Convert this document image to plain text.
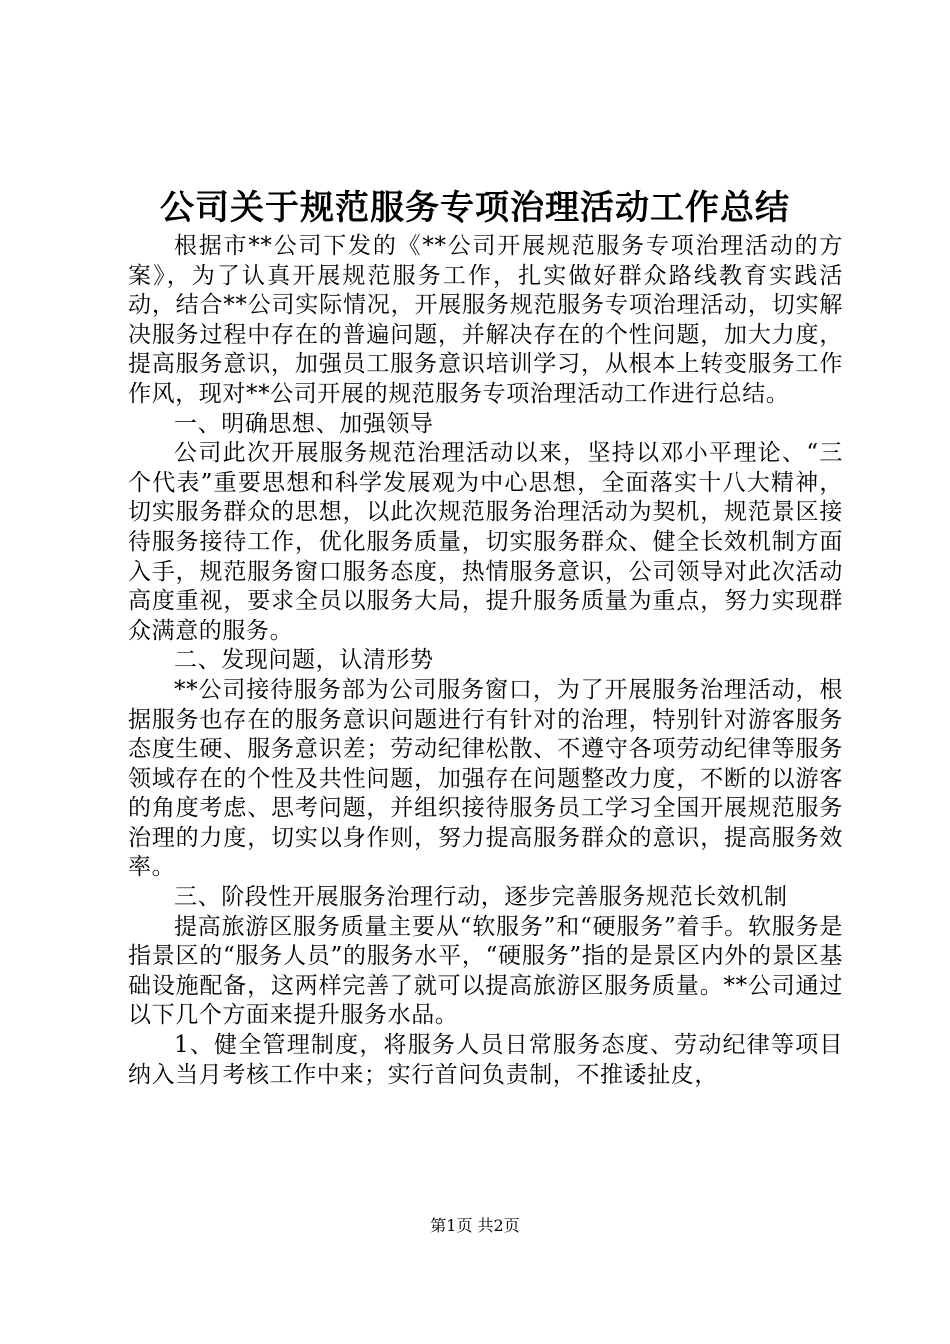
公司关于规范服务专项治理活动工作总结

根据市**公司下发的《**公司开展规范服务专项治理活动的方案》，为了认真开展规范服务工作，扎实做好群众路线教育实践活动，结合**公司实际情况，开展服务规范服务专项治理活动，切实解决服务过程中存在的普遍问题，并解决存在的个性问题，加大力度，提高服务意识，加强员工服务意识培训学习，从根本上转变服务工作作风，现对**公司开展的规范服务专项治理活动工作进行总结。

一、明确思想、加强领导

公司此次开展服务规范治理活动以来，坚持以邓小平理论、“三个代表”重要思想和科学发展观为中心思想，全面落实十八大精神，切实服务群众的思想，以此次规范服务治理活动为契机，规范景区接待服务接待工作，优化服务质量，切实服务群众、健全长效机制方面入手，规范服务窗口服务态度，热情服务意识，公司领导对此次活动高度重视，要求全员以服务大局，提升服务质量为重点，努力实现群众满意的服务。

二、发现问题，认清形势

**公司接待服务部为公司服务窗口，为了开展服务治理活动，根据服务也存在的服务意识问题进行有针对的治理，特别针对游客服务态度生硬、服务意识差；劳动纪律松散、不遵守各项劳动纪律等服务领域存在的个性及共性问题，加强存在问题整改力度，不断的以游客的角度考虑、思考问题，并组织接待服务员工学习全国开展规范服务治理的力度，切实以身作则，努力提高服务群众的意识，提高服务效率。

三、阶段性开展服务治理行动，逐步完善服务规范长效机制

提高旅游区服务质量主要从“软服务”和“硬服务”着手。软服务是指景区的“服务人员”的服务水平，“硬服务”指的是景区内外的景区基础设施配备，这两样完善了就可以提高旅游区服务质量。**公司通过以下几个方面来提升服务水品。

1、健全管理制度，将服务人员日常服务态度、劳动纪律等项目纳入当月考核工作中来；实行首问负责制，不推诿扯皮，

第1页 共2页
